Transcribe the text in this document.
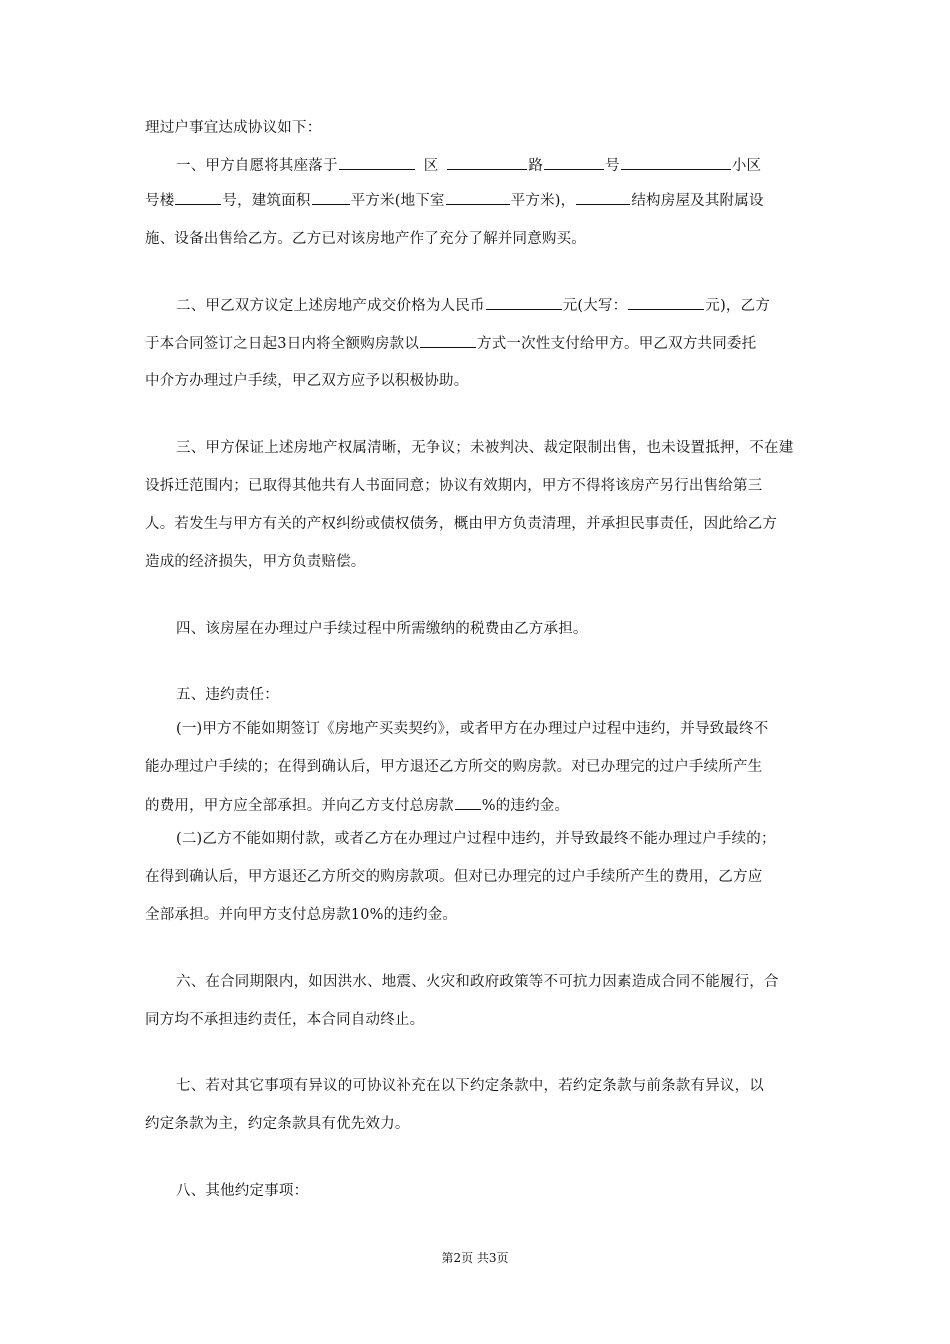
理过户事宜达成协议如下：
一、甲方自愿将其座落于	区	路	号	小区
号楼	号，建筑面积	平方米(地下室	平方米)，	结构房屋及其附属设
施、设备出售给乙方。乙方已对该房地产作了充分了解并同意购买。
二、甲乙双方议定上述房地产成交价格为人民币	元(大写：	元)，乙方
于本合同签订之日起3日内将全额购房款以	方式一次性支付给甲方。甲乙双方共同委托
中介方办理过户手续，甲乙双方应予以积极协助。
三、甲方保证上述房地产权属清晰，无争议；未被判决、裁定限制出售，也未设置抵押，不在建
设拆迁范围内；已取得其他共有人书面同意；协议有效期内，甲方不得将该房产另行出售给第三
人。若发生与甲方有关的产权纠纷或债权债务，概由甲方负责清理，并承担民事责任，因此给乙方
造成的经济损失，甲方负责赔偿。
四、该房屋在办理过户手续过程中所需缴纳的税费由乙方承担。
五、违约责任：
(一)甲方不能如期签订《房地产买卖契约》，或者甲方在办理过户过程中违约，并导致最终不
能办理过户手续的；在得到确认后，甲方退还乙方所交的购房款。对已办理完的过户手续所产生
的费用，甲方应全部承担。并向乙方支付总房款 %的违约金。
(二)乙方不能如期付款，或者乙方在办理过户过程中违约，并导致最终不能办理过户手续的；
在得到确认后，甲方退还乙方所交的购房款项。但对已办理完的过户手续所产生的费用，乙方应
全部承担。并向甲方支付总房款10%的违约金。
六、在合同期限内，如因洪水、地震、火灾和政府政策等不可抗力因素造成合同不能履行，合
同方均不承担违约责任，本合同自动终止。
七、若对其它事项有异议的可协议补充在以下约定条款中，若约定条款与前条款有异议，以
约定条款为主，约定条款具有优先效力。
八、其他约定事项：
第2页 共3页
